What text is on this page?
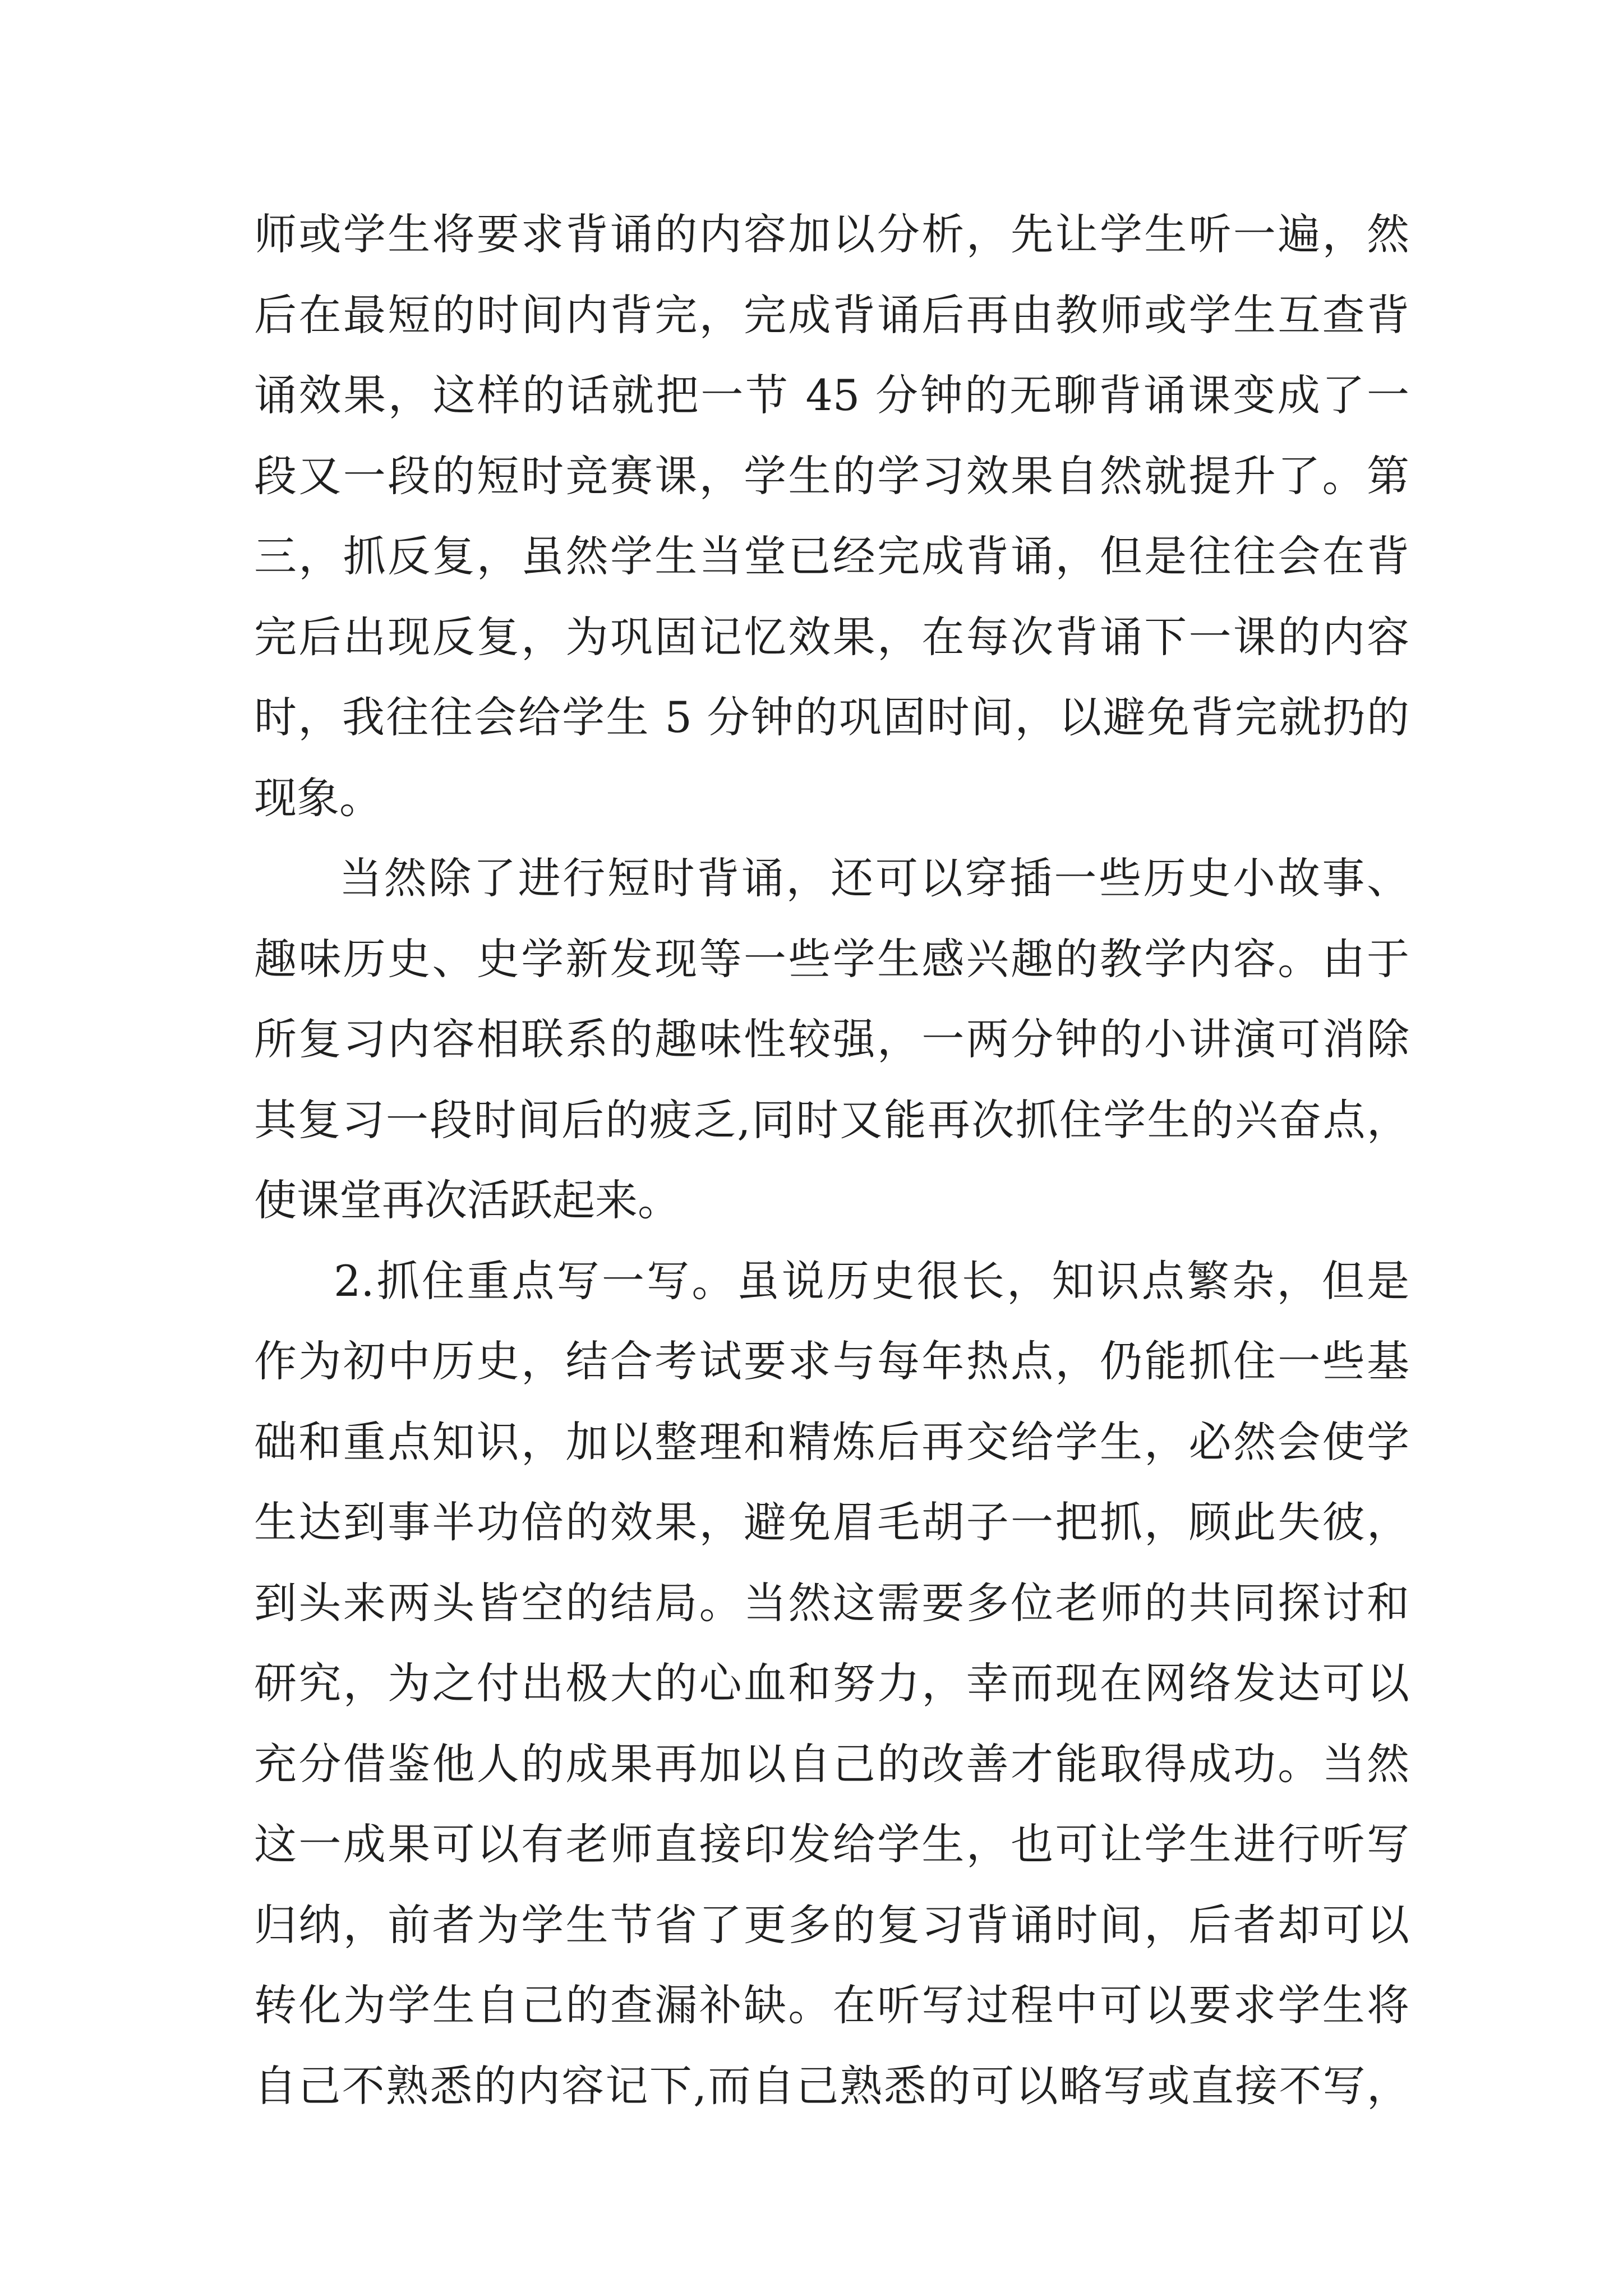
师或学生将要求背诵的内容加以分析，先让学生听一遍，然
后在最短的时间内背完，完成背诵后再由教师或学生互查背
诵效果，这样的话就把一节 45 分钟的无聊背诵课变成了一
段又一段的短时竞赛课，学生的学习效果自然就提升了。第
三，抓反复，虽然学生当堂已经完成背诵，但是往往会在背
完后出现反复，为巩固记忆效果，在每次背诵下一课的内容
时，我往往会给学生 5 分钟的巩固时间，以避免背完就扔的
现象。
当然除了进行短时背诵，还可以穿插一些历史小故事、
趣味历史、史学新发现等一些学生感兴趣的教学内容。由于
所复习内容相联系的趣味性较强，一两分钟的小讲演可消除
其复习一段时间后的疲乏,同时又能再次抓住学生的兴奋点，
使课堂再次活跃起来。
2.抓住重点写一写。虽说历史很长，知识点繁杂，但是
作为初中历史，结合考试要求与每年热点，仍能抓住一些基
础和重点知识，加以整理和精炼后再交给学生，必然会使学
生达到事半功倍的效果，避免眉毛胡子一把抓，顾此失彼，
到头来两头皆空的结局。当然这需要多位老师的共同探讨和
研究，为之付出极大的心血和努力，幸而现在网络发达可以
充分借鉴他人的成果再加以自己的改善才能取得成功。当然
这一成果可以有老师直接印发给学生，也可让学生进行听写
归纳，前者为学生节省了更多的复习背诵时间，后者却可以
转化为学生自己的查漏补缺。在听写过程中可以要求学生将
自己不熟悉的内容记下,而自己熟悉的可以略写或直接不写，
